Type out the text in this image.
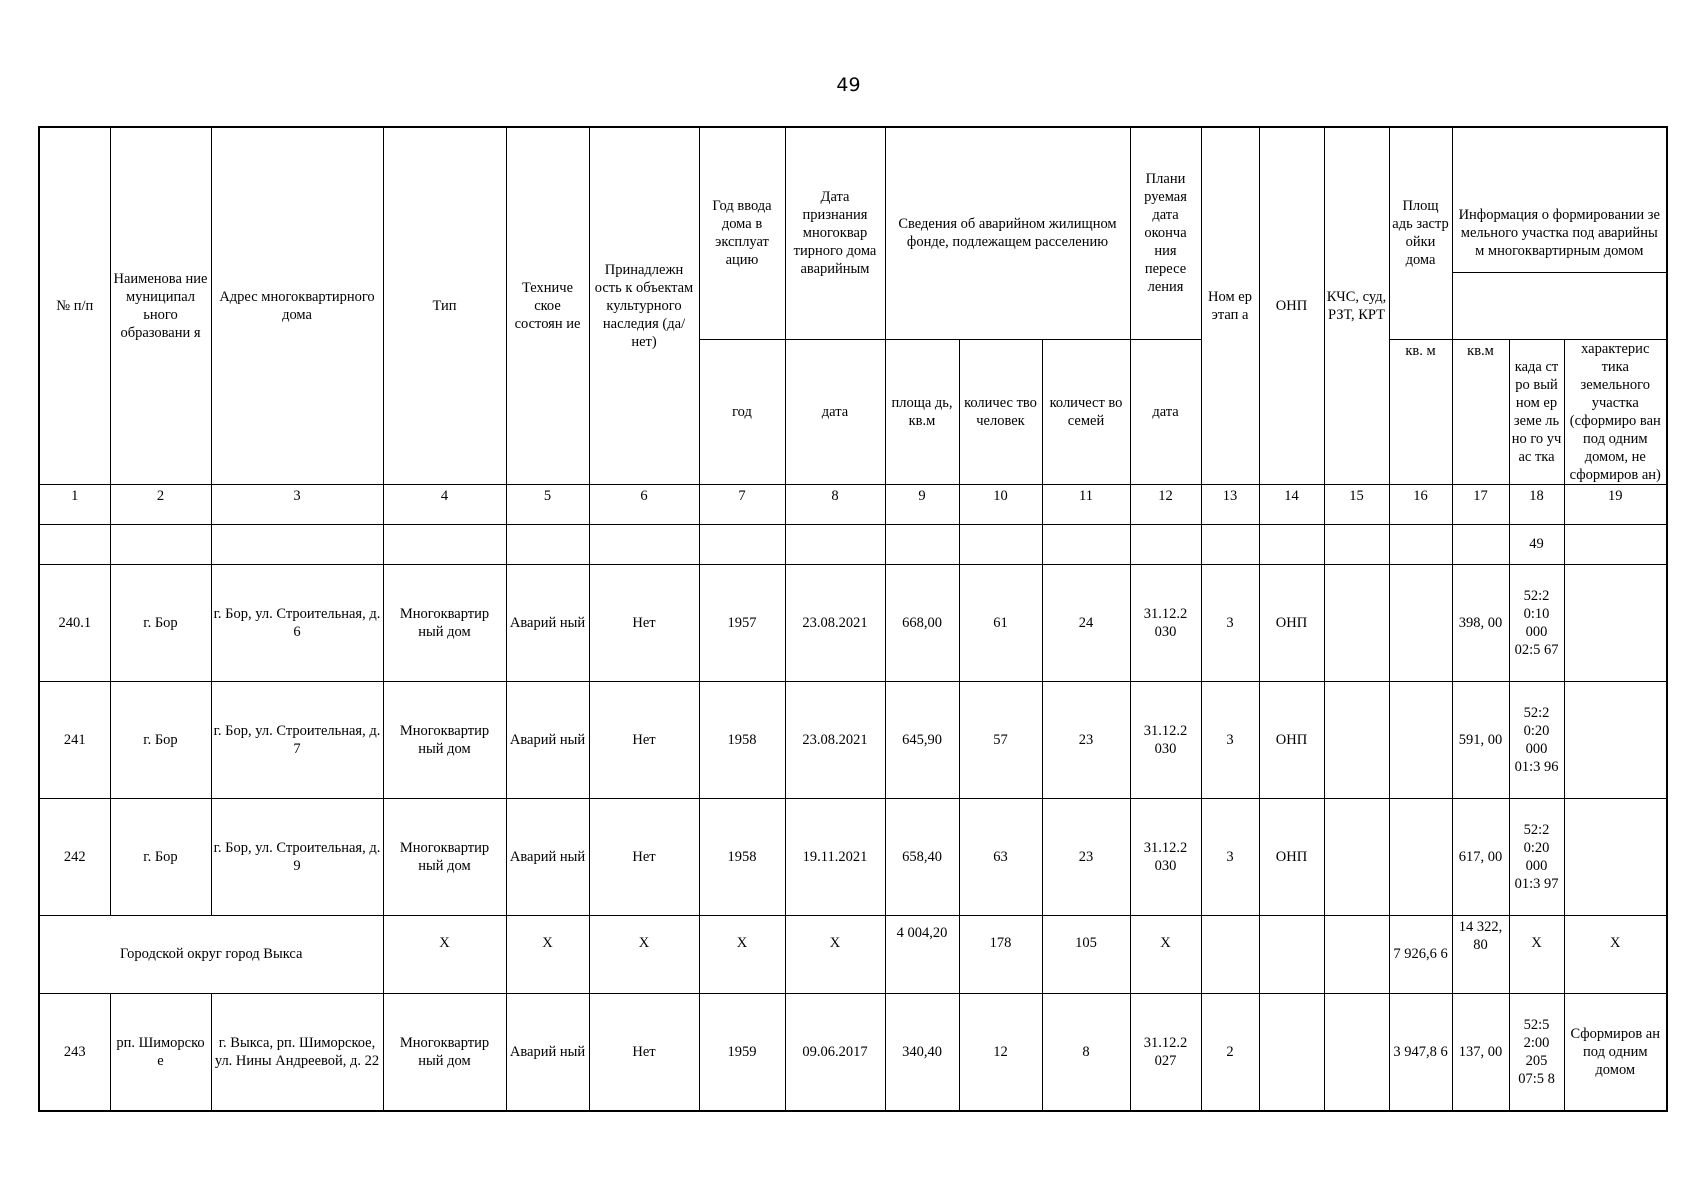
49
№ п/п	Наименова ние муниципал ьного образовани я	Адрес многоквартирного дома	Тип	Техниче ское состоян ие	Принадлежн ость к объектам культурного наследия (да/нет)	Год ввода дома в эксплуат ацию	Дата признания многоквар тирного дома аварийным	Сведения об аварийном жилищном фонде, подлежащем расселению			Плани руемая дата оконча ния пересе ления	Ном ер этап а	ОНП	КЧС, суд, РЗТ, КРТ	Площ адь застр ойки дома	Информация о формировании земельного участка под аварийным многоквартирным домом		

						год	дата	площа дь, кв.м	количес тво человек	количест во семей	дата				кв. м	кв.м	када стро вый ном ер земе льно го учас тка	характерис тика земельного участка (сформиро ван под одним домом, не сформиров ан)
1	2	3	4	5	6	7	8	9	10	11	12	13	14	15	16	17	18	19
																	49	
240.1	г. Бор	г. Бор, ул. Строительная, д. 6	Многоквартир ный дом	Аварий ный	Нет	1957	23.08.2021	668,00	61	24	31.12.2 030	3	ОНП			398, 00	52:2 0:10 000 02:5 67	
241	г. Бор	г. Бор, ул. Строительная, д. 7	Многоквартир ный дом	Аварий ный	Нет	1958	23.08.2021	645,90	57	23	31.12.2 030	3	ОНП			591, 00	52:2 0:20 000 01:3 96	
242	г. Бор	г. Бор, ул. Строительная, д. 9	Многоквартир ный дом	Аварий ный	Нет	1958	19.11.2021	658,40	63	23	31.12.2 030	3	ОНП			617, 00	52:2 0:20 000 01:3 97	
Городской округ город Выкса			X	X	X	X	X	4 004,20	178	105	X				7 926,6 6	14 322, 80	X	X
243	рп. Шиморско е	г. Выкса, рп. Шиморское, ул. Нины Андреевой, д. 22	Многоквартир ный дом	Аварий ный	Нет	1959	09.06.2017	340,40	12	8	31.12.2 027	2			3 947,8 6	137, 00	52:5 2:00 205 07:5 8	Сформиров ан под одним домом
